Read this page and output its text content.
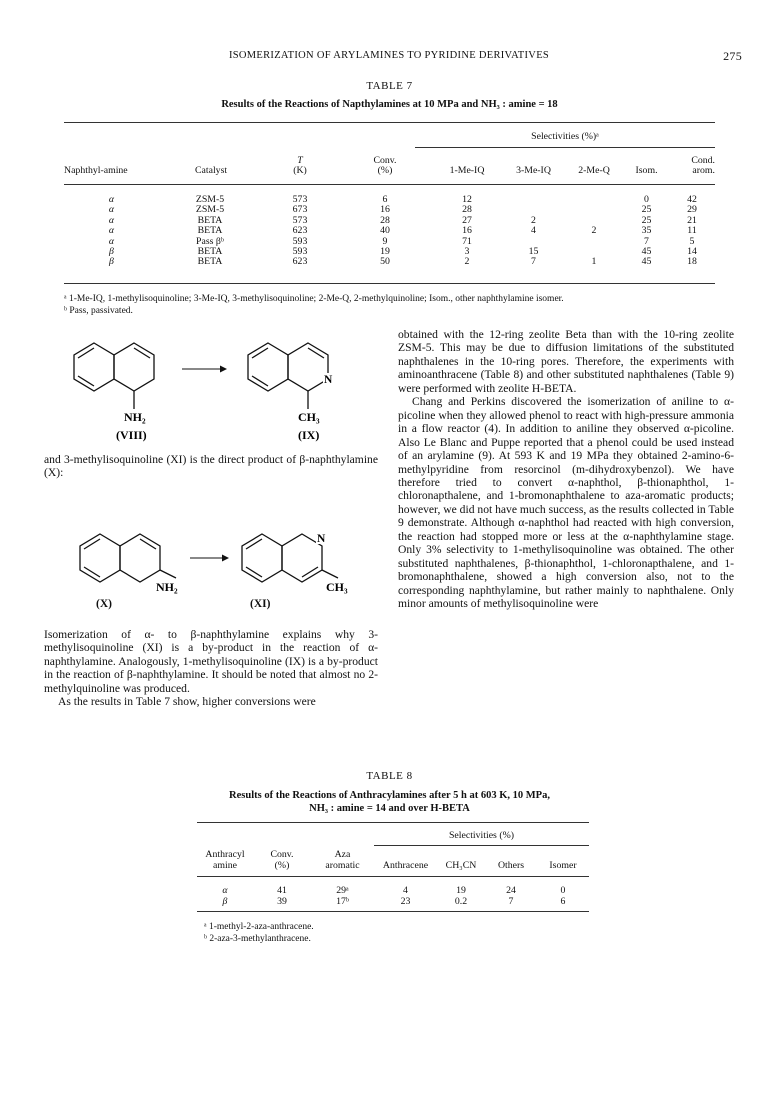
ISOMERIZATION OF ARYLAMINES TO PYRIDINE DERIVATIVES	275
TABLE 7
Results of the Reactions of Napthylamines at 10 MPa and NH₃ : amine = 18
Selectivities (%)ᵃ
		T	Conv.					Cond.
Naphthyl-amine	Catalyst	(K)	(%)	1-Me-IQ	3-Me-IQ	2-Me-Q	Isom.	arom.
α	ZSM-5	573	6	12			0	42
α	ZSM-5	673	16	28			25	29
α	BETA	573	28	27	2		25	21
α	BETA	623	40	16	4	2	35	11
α	Pass βᵇ	593	9	71			7	5
β	BETA	593	19	3	15		45	14
β	BETA	623	50	2	7	1	45	18
ᵃ 1-Me-IQ, 1-methylisoquinoline; 3-Me-IQ, 3-methylisoquinoline; 2-Me-Q, 2-methylquinoline; Isom., other naphthylamine isomer.
ᵇ Pass, passivated.
NH₂
N
CH₃
(VIII)	(IX)

and 3-methylisoquinoline (XI) is the direct product of β-naphthylamine (X):

NH₂
N
CH₃
(X)	(XI)

Isomerization of α- to β-naphthylamine explains why 3-methylisoquinoline (XI) is a by-product in the reaction of α-naphthylamine. Analogously, 1-methylisoquinoline (IX) is a by-product in the reaction of β-naphthylamine. It should be noted that almost no 2-methylquinoline was produced.

As the results in Table 7 show, higher conversions were

obtained with the 12-ring zeolite Beta than with the 10-ring zeolite ZSM-5. This may be due to diffusion limitations of the substituted naphthalenes in the 10-ring pores. Therefore, the experiments with aminoanthracene (Table 8) and other substituted naphthalenes (Table 9) were performed with zeolite H-BETA.

Chang and Perkins discovered the isomerization of aniline to α-picoline when they allowed phenol to react with high-pressure ammonia in a flow reactor (4). In addition to aniline they observed α-picoline. Also Le Blanc and Puppe reported that a phenol could be used instead of an arylamine (9). At 593 K and 19 MPa they obtained 2-amino-6-methylpyridine from resorcinol (m-dihydroxybenzol). We have therefore tried to convert α-naphthol, β-thionaphthol, 1-chloronapthalene, and 1-bromonaphthalene to aza-aromatic products; however, we did not have much success, as the results collected in Table 9 demonstrate. Although α-naphthol had reacted with high conversion, the reaction had stopped more or less at the α-naphthylamine stage. Only 3% selectivity to 1-methylisoquinoline was obtained. The other substituted naphthalenes, β-thionaphthol, 1-chloronapthalene, and 1-bromonaphthalene, showed a high conversion also, not to the corresponding naphthylamine, but rather mainly to naphthalene. Only minor amounts of methylisoquinoline were

TABLE 8
Results of the Reactions of Anthracylamines after 5 h at 603 K, 10 MPa,
NH₃ : amine = 14 and over H-BETA
Selectivities (%)
Anthracyl	Conv.	Aza				
amine	(%)	aromatic	Anthracene	CH₃CN	Others	Isomer
α	41	29ᵃ	4	19	24	0
β	39	17ᵇ	23	0.2	7	6
ᵃ 1-methyl-2-aza-anthracene.
ᵇ 2-aza-3-methylanthracene.
